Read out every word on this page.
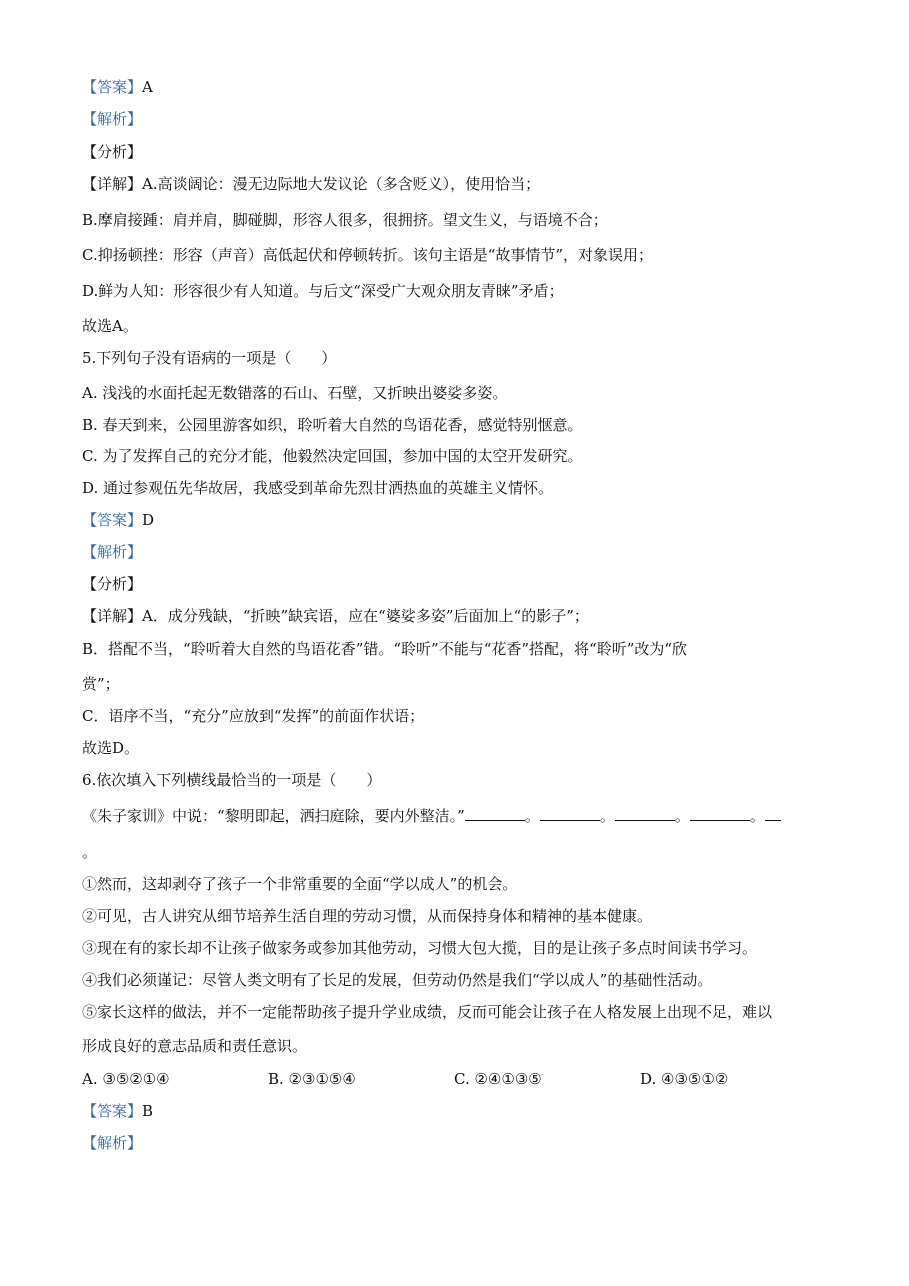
【答案】A
【解析】
【分析】
【详解】A.高谈阔论：漫无边际地大发议论（多含贬义），使用恰当；
B.摩肩接踵：肩并肩，脚碰脚，形容人很多，很拥挤。望文生义，与语境不合；
C.抑扬顿挫：形容（声音）高低起伏和停顿转折。该句主语是“故事情节”，对象误用；
D.鲜为人知：形容很少有人知道。与后文“深受广大观众朋友青睐”矛盾；
故选A。
5.下列句子没有语病的一项是（　　）
A. 浅浅的水面托起无数错落的石山、石壁，又折映出婆娑多姿。
B. 春天到来，公园里游客如织，聆听着大自然的鸟语花香，感觉特别惬意。
C. 为了发挥自己的充分才能，他毅然决定回国，参加中国的太空开发研究。
D. 通过参观伍先华故居，我感受到革命先烈甘洒热血的英雄主义情怀。
【答案】D
【解析】
【分析】
【详解】A．成分残缺，“折映”缺宾语，应在“婆娑多姿”后面加上“的影子”；
B．搭配不当，“聆听着大自然的鸟语花香”错。“聆听”不能与“花香”搭配，将“聆听”改为“欣
赏”；
C．语序不当，“充分”应放到“发挥”的前面作状语；
故选D。
6.依次填入下列横线最恰当的一项是（　　）
《朱子家训》中说：“黎明即起，洒扫庭除，要内外整洁。”	。	。	。	。
。
①然而，这却剥夺了孩子一个非常重要的全面“学以成人”的机会。
②可见，古人讲究从细节培养生活自理的劳动习惯，从而保持身体和精神的基本健康。
③现在有的家长却不让孩子做家务或参加其他劳动，习惯大包大揽，目的是让孩子多点时间读书学习。
④我们必须谨记：尽管人类文明有了长足的发展，但劳动仍然是我们“学以成人”的基础性活动。
⑤家长这样的做法，并不一定能帮助孩子提升学业成绩，反而可能会让孩子在人格发展上出现不足，难以
形成良好的意志品质和责任意识。
A. ③⑤②①④	B. ②③①⑤④	C. ②④①③⑤	D. ④③⑤①②
【答案】B
【解析】
